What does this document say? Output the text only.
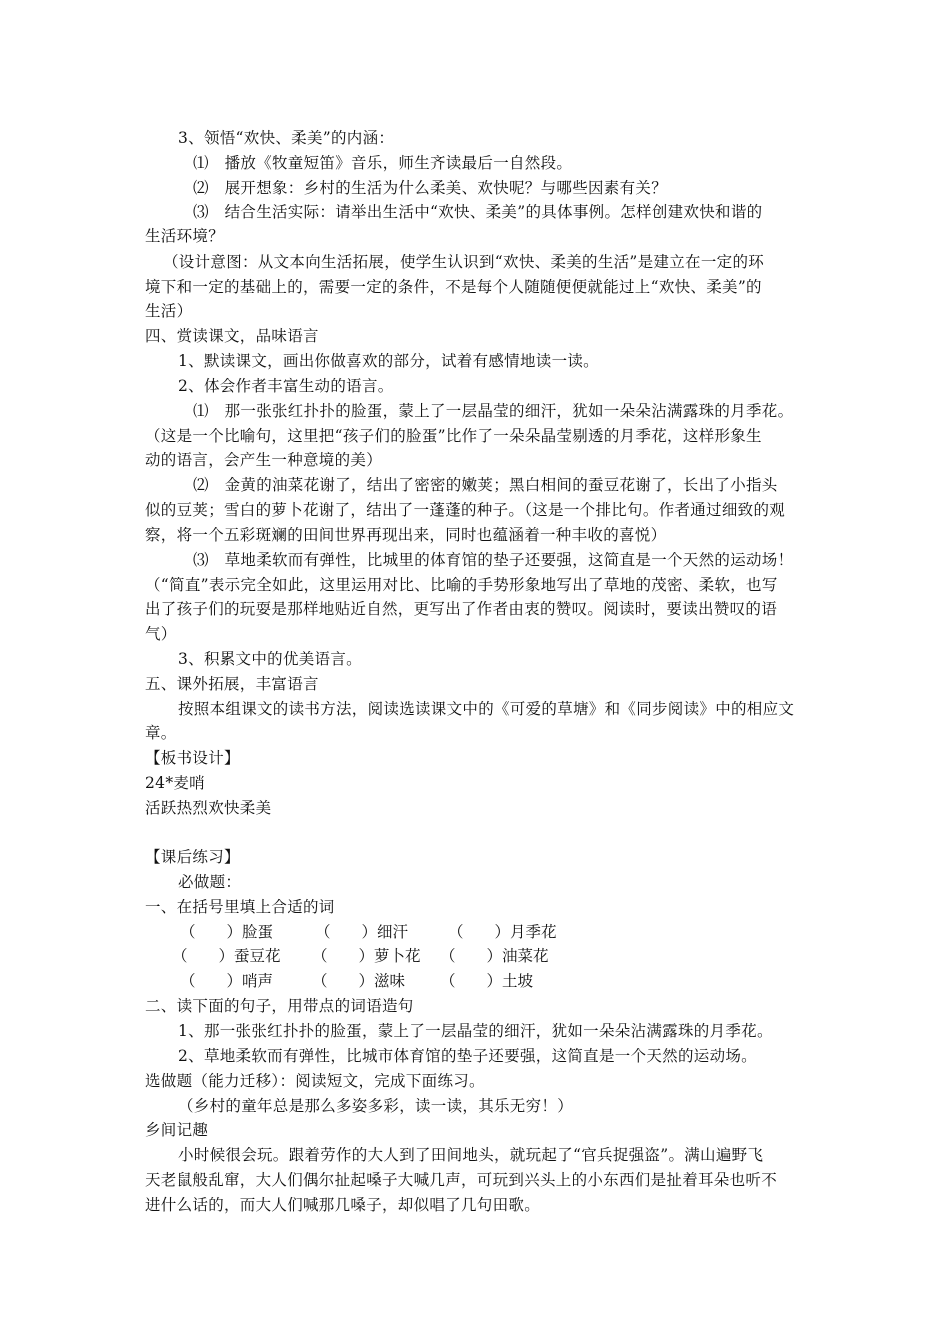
3、领悟“欢快、柔美”的内涵：
⑴　播放《牧童短笛》音乐，师生齐读最后一自然段。
⑵　展开想象：乡村的生活为什么柔美、欢快呢？与哪些因素有关？
⑶　结合生活实际：请举出生活中“欢快、柔美”的具体事例。怎样创建欢快和谐的
生活环境？
（设计意图：从文本向生活拓展，使学生认识到“欢快、柔美的生活”是建立在一定的环
境下和一定的基础上的，需要一定的条件，不是每个人随随便便就能过上“欢快、柔美”的
生活）
四、赏读课文，品味语言
1、默读课文，画出你做喜欢的部分，试着有感情地读一读。
2、体会作者丰富生动的语言。
⑴　那一张张红扑扑的脸蛋，蒙上了一层晶莹的细汗，犹如一朵朵沾满露珠的月季花。
（这是一个比喻句，这里把“孩子们的脸蛋”比作了一朵朵晶莹剔透的月季花，这样形象生
动的语言，会产生一种意境的美）
⑵　金黄的油菜花谢了，结出了密密的嫩荚；黑白相间的蚕豆花谢了，长出了小指头
似的豆荚；雪白的萝卜花谢了，结出了一蓬蓬的种子。（这是一个排比句。作者通过细致的观
察，将一个五彩斑斓的田间世界再现出来，同时也蕴涵着一种丰收的喜悦）
⑶　草地柔软而有弹性，比城里的体育馆的垫子还要强，这简直是一个天然的运动场！
（“简直”表示完全如此，这里运用对比、比喻的手势形象地写出了草地的茂密、柔软，也写
出了孩子们的玩耍是那样地贴近自然，更写出了作者由衷的赞叹。阅读时，要读出赞叹的语
气）
3、积累文中的优美语言。
五、课外拓展，丰富语言
按照本组课文的读书方法，阅读选读课文中的《可爱的草塘》和《同步阅读》中的相应文
章。
【板书设计】
24*麦哨
活跃热烈欢快柔美
【课后练习】
必做题：
一、在括号里填上合适的词
（　　）脸蛋	（　　）细汗	（　　）月季花
（　　）蚕豆花 （　　）萝卜花 （　　）油菜花
（　　）哨声	（　　）滋味 （　　）土坡
二、读下面的句子，用带点的词语造句
1、那一张张红扑扑的脸蛋，蒙上了一层晶莹的细汗，犹如一朵朵沾满露珠的月季花。
2、草地柔软而有弹性，比城市体育馆的垫子还要强，这简直是一个天然的运动场。
选做题（能力迁移）：阅读短文，完成下面练习。
（乡村的童年总是那么多姿多彩，读一读，其乐无穷！）
乡间记趣
小时候很会玩。跟着劳作的大人到了田间地头，就玩起了“官兵捉强盗”。满山遍野飞
天老鼠般乱窜，大人们偶尔扯起嗓子大喊几声，可玩到兴头上的小东西们是扯着耳朵也听不
进什么话的，而大人们喊那几嗓子，却似唱了几句田歌。
